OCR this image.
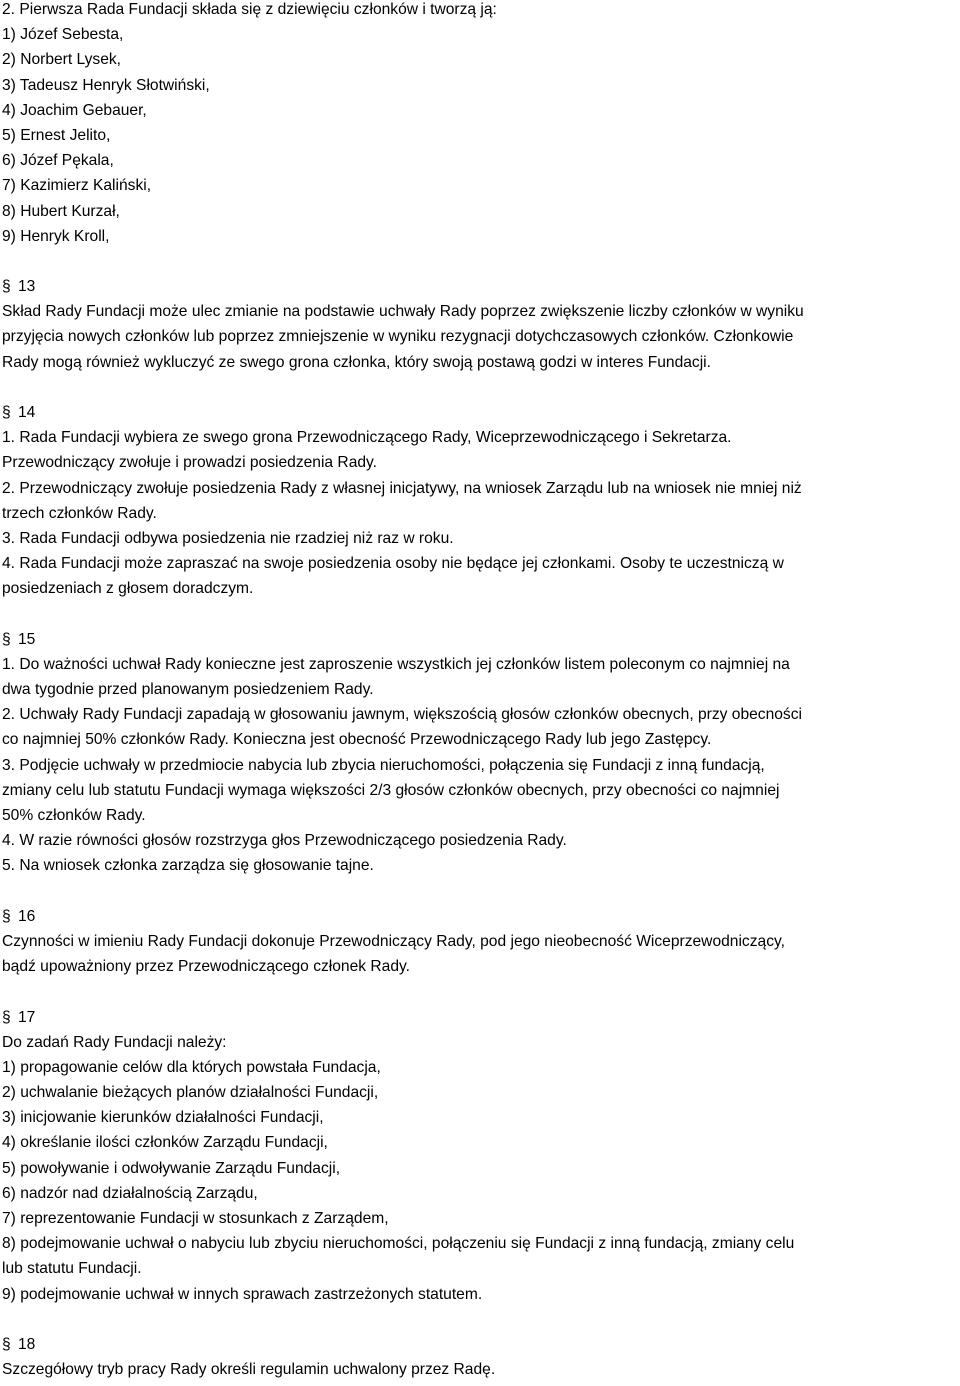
2. Pierwsza Rada Fundacji składa się z dziewięciu członków i tworzą ją:
1) Józef Sebesta,
2) Norbert Lysek,
3) Tadeusz Henryk Słotwiński,
4) Joachim Gebauer,
5) Ernest Jelito,
6) Józef Pękala,
7) Kazimierz Kaliński,
8) Hubert Kurzał,
9) Henryk Kroll,
§ 13
Skład Rady Fundacji może ulec zmianie na podstawie uchwały Rady poprzez zwiększenie liczby członków w wyniku
przyjęcia nowych członków lub poprzez zmniejszenie w wyniku rezygnacji dotychczasowych członków. Członkowie
Rady mogą również wykluczyć ze swego grona członka, który swoją postawą godzi w interes Fundacji.
§ 14
1. Rada Fundacji wybiera ze swego grona Przewodniczącego Rady, Wiceprzewodniczącego i Sekretarza.
Przewodniczący zwołuje i prowadzi posiedzenia Rady.
2. Przewodniczący zwołuje posiedzenia Rady z własnej inicjatywy, na wniosek Zarządu lub na wniosek nie mniej niż
trzech członków Rady.
3. Rada Fundacji odbywa posiedzenia nie rzadziej niż raz w roku.
4. Rada Fundacji może zapraszać na swoje posiedzenia osoby nie będące jej członkami. Osoby te uczestniczą w
posiedzeniach z głosem doradczym.
§ 15
1. Do ważności uchwał Rady konieczne jest zaproszenie wszystkich jej członków listem poleconym co najmniej na
dwa tygodnie przed planowanym posiedzeniem Rady.
2. Uchwały Rady Fundacji zapadają w głosowaniu jawnym, większością głosów członków obecnych, przy obecności
co najmniej 50% członków Rady. Konieczna jest obecność Przewodniczącego Rady lub jego Zastępcy.
3. Podjęcie uchwały w przedmiocie nabycia lub zbycia nieruchomości, połączenia się Fundacji z inną fundacją,
zmiany celu lub statutu Fundacji wymaga większości 2/3 głosów członków obecnych, przy obecności co najmniej
50% członków Rady.
4. W razie równości głosów rozstrzyga głos Przewodniczącego posiedzenia Rady.
5. Na wniosek członka zarządza się głosowanie tajne.
§ 16
Czynności w imieniu Rady Fundacji dokonuje Przewodniczący Rady, pod jego nieobecność Wiceprzewodniczący,
bądź upoważniony przez Przewodniczącego członek Rady.
§ 17
Do zadań Rady Fundacji należy:
1) propagowanie celów dla których powstała Fundacja,
2) uchwalanie bieżących planów działalności Fundacji,
3) inicjowanie kierunków działalności Fundacji,
4) określanie ilości członków Zarządu Fundacji,
5) powoływanie i odwoływanie Zarządu Fundacji,
6) nadzór nad działalnością Zarządu,
7) reprezentowanie Fundacji w stosunkach z Zarządem,
8) podejmowanie uchwał o nabyciu lub zbyciu nieruchomości, połączeniu się Fundacji z inną fundacją, zmiany celu
lub statutu Fundacji.
9) podejmowanie uchwał w innych sprawach zastrzeżonych statutem.
§ 18
Szczegółowy tryb pracy Rady określi regulamin uchwalony przez Radę.
